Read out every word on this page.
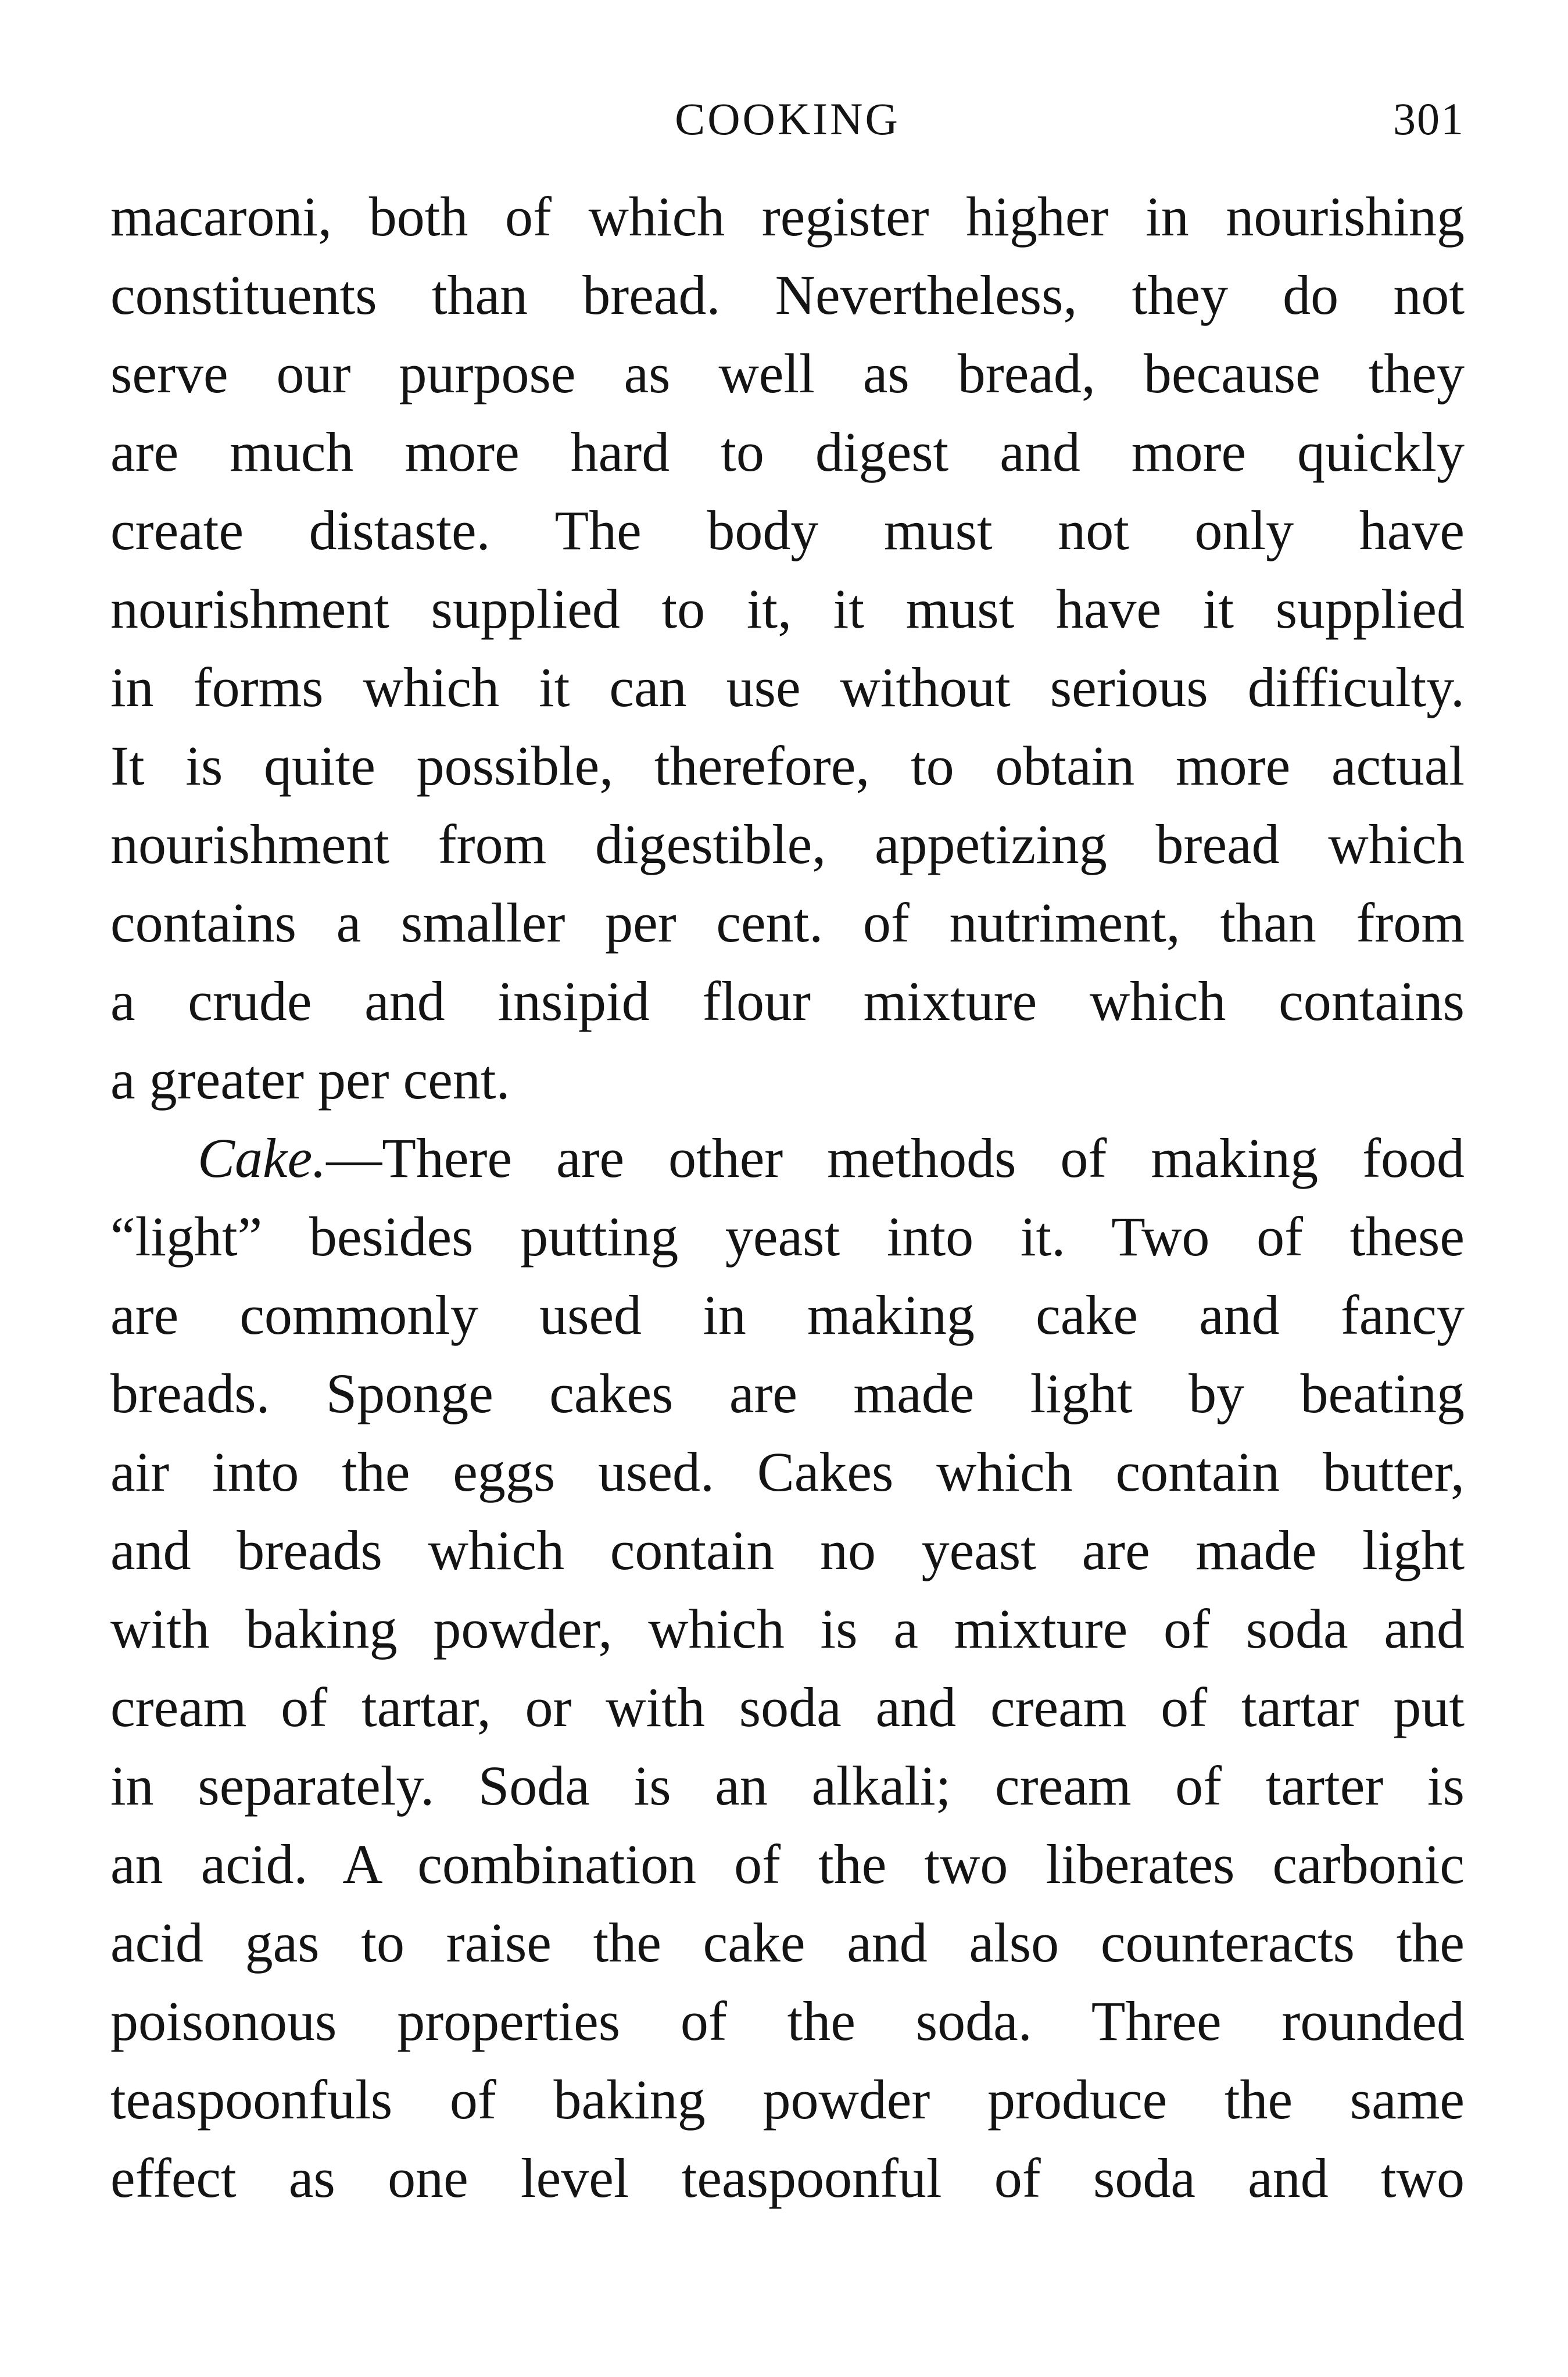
COOKING	301
macaroni, both of which register higher in nourishing
constituents than bread. Nevertheless, they do not
serve our purpose as well as bread, because they
are much more hard to digest and more quickly
create distaste. The body must not only have
nourishment supplied to it, it must have it supplied
in forms which it can use without serious difficulty.
It is quite possible, therefore, to obtain more actual
nourishment from digestible, appetizing bread which
contains a smaller per cent. of nutriment, than from
a crude and insipid flour mixture which contains
a greater per cent.
Cake.—There are other methods of making food
“light” besides putting yeast into it. Two of these
are commonly used in making cake and fancy
breads. Sponge cakes are made light by beating
air into the eggs used. Cakes which contain butter,
and breads which contain no yeast are made light
with baking powder, which is a mixture of soda and
cream of tartar, or with soda and cream of tartar put
in separately. Soda is an alkali; cream of tarter is
an acid. A combination of the two liberates carbonic
acid gas to raise the cake and also counteracts the
poisonous properties of the soda. Three rounded
teaspoonfuls of baking powder produce the same
effect as one level teaspoonful of soda and two
